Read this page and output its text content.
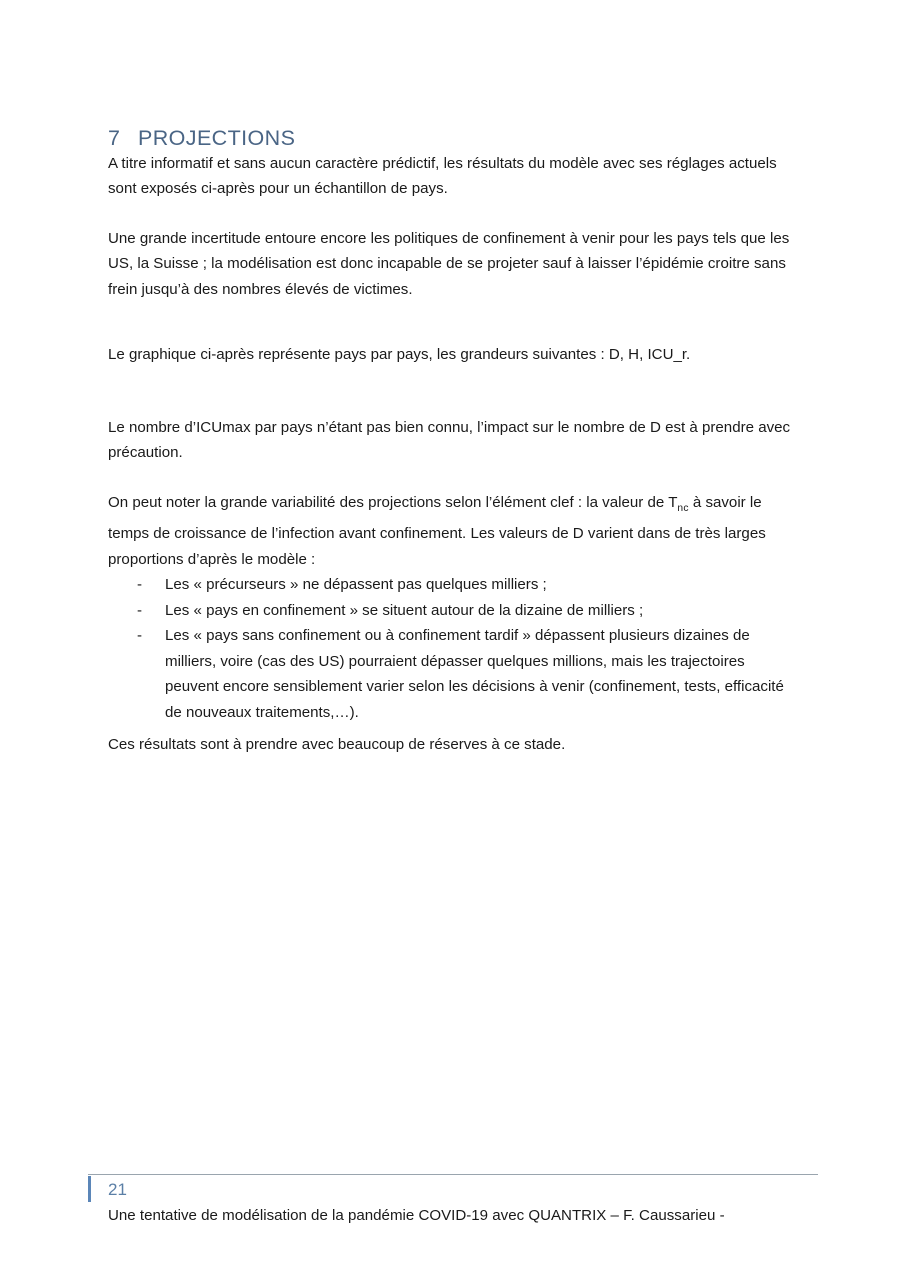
7 PROJECTIONS

A titre informatif et sans aucun caractère prédictif, les résultats du modèle avec ses réglages actuels sont exposés ci-après pour un échantillon de pays.

Une grande incertitude entoure encore les politiques de confinement à venir pour les pays tels que les US, la Suisse ; la modélisation est donc incapable de se projeter sauf à laisser l’épidémie croitre sans frein jusqu’à des nombres élevés de victimes.

Le graphique ci-après représente pays par pays, les grandeurs suivantes : D, H, ICU_r.

Le nombre d’ICUmax par pays n’étant pas bien connu, l’impact sur le nombre de D est à prendre avec précaution.

On peut noter la grande variabilité des projections selon l’élément clef : la valeur de $T_{nc}$ à savoir le temps de croissance de l’infection avant confinement. Les valeurs de D varient dans de très larges proportions d’après le modèle :

- Les « précurseurs » ne dépassent pas quelques milliers ;
- Les « pays en confinement » se situent autour de la dizaine de milliers ;
- Les « pays sans confinement ou à confinement tardif » dépassent plusieurs dizaines de milliers, voire (cas des US) pourraient dépasser quelques millions, mais les trajectoires peuvent encore sensiblement varier selon les décisions à venir (confinement, tests, efficacité de nouveaux traitements,…).

Ces résultats sont à prendre avec beaucoup de réserves à ce stade.

21
Une tentative de modélisation de la pandémie COVID-19 avec QUANTRIX – F. Caussarieu -
